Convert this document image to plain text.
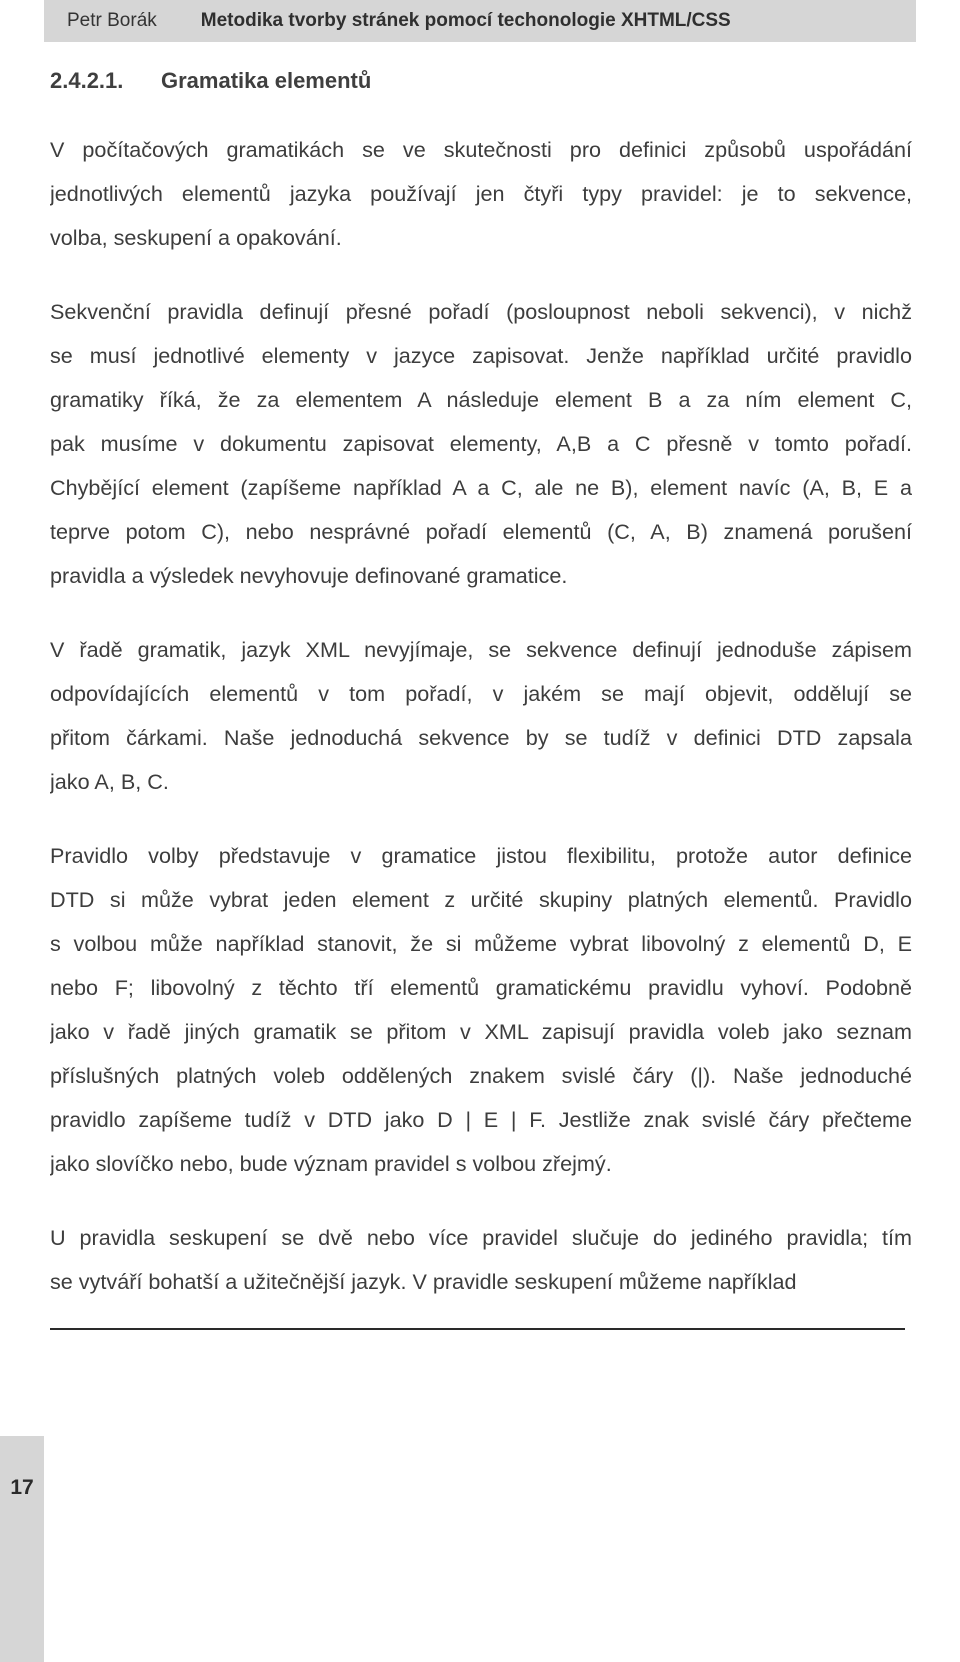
Petr Borák Metodika tvorby stránek pomocí techonologie XHTML/CSS
2.4.2.1. Gramatika elementů

V počítačových gramatikách se ve skutečnosti pro definici způsobů uspořádání
jednotlivých elementů jazyka používají jen čtyři typy pravidel: je to sekvence,
volba, seskupení a opakování.

Sekvenční pravidla definují přesné pořadí (posloupnost neboli sekvenci), v nichž
se musí jednotlivé elementy v jazyce zapisovat. Jenže například určité pravidlo
gramatiky říká, že za elementem A následuje element B a za ním element C,
pak musíme v dokumentu zapisovat elementy, A,B a C přesně v tomto pořadí.
Chybějící element (zapíšeme například A a C, ale ne B), element navíc (A, B, E a
teprve potom C), nebo nesprávné pořadí elementů (C, A, B) znamená porušení
pravidla a výsledek nevyhovuje definované gramatice.

V řadě gramatik, jazyk XML nevyjímaje, se sekvence definují jednoduše zápisem
odpovídajících elementů v tom pořadí, v jakém se mají objevit, oddělují se
přitom čárkami. Naše jednoduchá sekvence by se tudíž v definici DTD zapsala
jako A, B, C.

Pravidlo volby představuje v gramatice jistou flexibilitu, protože autor definice
DTD si může vybrat jeden element z určité skupiny platných elementů. Pravidlo
s volbou může například stanovit, že si můžeme vybrat libovolný z elementů D, E
nebo F; libovolný z těchto tří elementů gramatickému pravidlu vyhoví. Podobně
jako v řadě jiných gramatik se přitom v XML zapisují pravidla voleb jako seznam
příslušných platných voleb oddělených znakem svislé čáry (|). Naše jednoduché
pravidlo zapíšeme tudíž v DTD jako D | E | F. Jestliže znak svislé čáry přečteme
jako slovíčko nebo, bude význam pravidel s volbou zřejmý.

U pravidla seskupení se dvě nebo více pravidel slučuje do jediného pravidla; tím
se vytváří bohatší a užitečnější jazyk. V pravidle seskupení můžeme například

17
